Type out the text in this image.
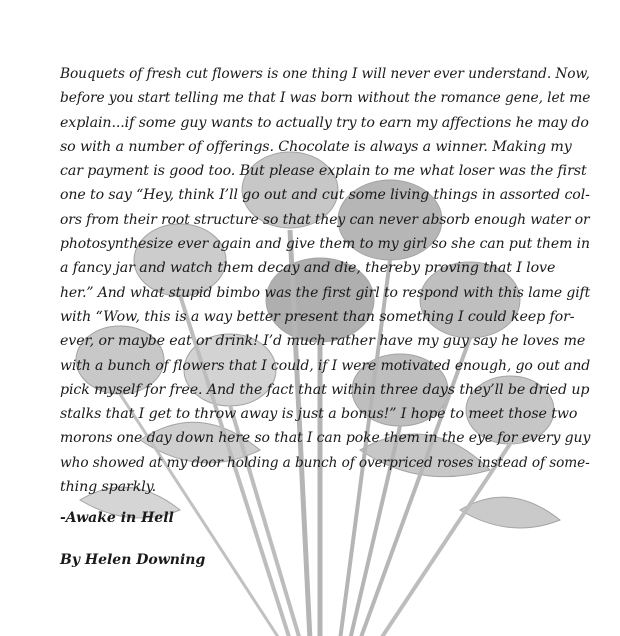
Bouquets of fresh cut flowers is one thing I will never ever understand. Now, before you start telling me that I was born without the romance gene, let me
explain...if some guy wants to actually try to earn my affections he may do
so with a number of offerings. Chocolate is always a winner. Making my
car payment is good too. But please explain to me what loser was the first
one to say “Hey, think I’ll go out and cut some living things in assorted col- ors from their root structure so that they can never absorb enough water or photosynthesize ever again and give them to my girl so she can put them in
a fancy jar and watch them decay and die, thereby proving that I love
her.” And what stupid bimbo was the first girl to respond with this lame gift
with “Wow, this is a way better present than something I could keep for-
ever, or maybe eat or drink! I’d much rather have my guy say he loves me
with a bunch of flowers that I could, if I were motivated enough, go out and
pick myself for free. And the fact that within three days they’ll be dried up
stalks that I get to throw away is just a bonus!” I hope to meet those two
morons one day down here so that I can poke them in the eye for every guy who showed at my door holding a bunch of overpriced roses instead of some-
thing sparkly.
-Awake in Hell
By Helen Downing
